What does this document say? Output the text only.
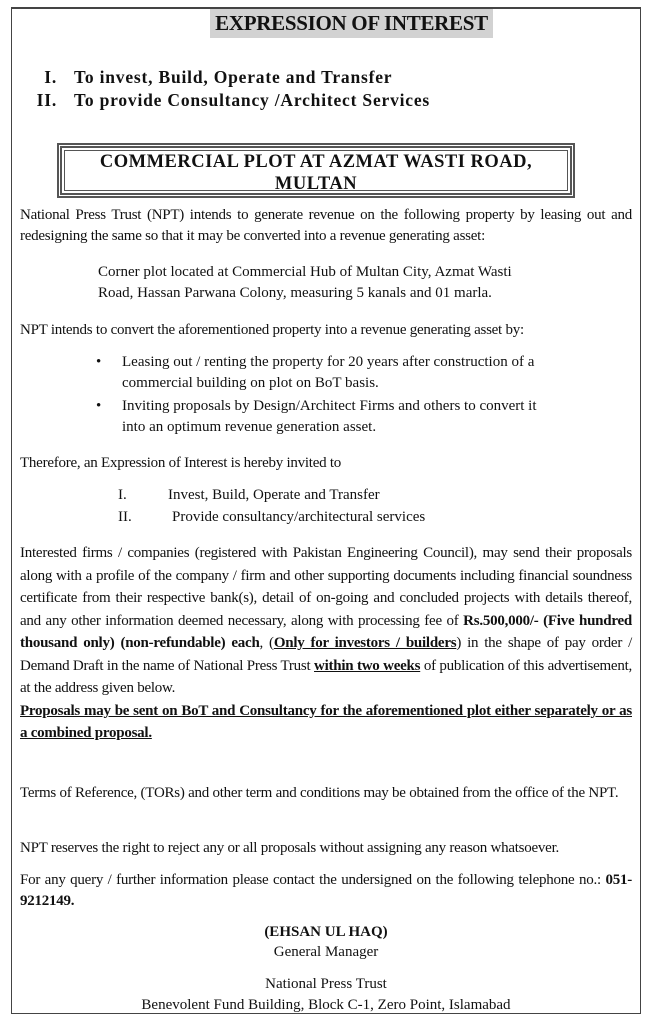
EXPRESSION OF INTEREST
I. To invest, Build, Operate and Transfer
II. To provide Consultancy /Architect Services
COMMERCIAL PLOT AT AZMAT WASTI ROAD,
MULTAN
National Press Trust (NPT) intends to generate revenue on the following property by leasing out and redesigning the same so that it may be converted into a revenue generating asset:
Corner plot located at Commercial Hub of Multan City, Azmat Wasti Road, Hassan Parwana Colony, measuring 5 kanals and 01 marla.
NPT intends to convert the aforementioned property into a revenue generating asset by:
•	Leasing out / renting the property for 20 years after construction of a commercial building on plot on BoT basis.
•	Inviting proposals by Design/Architect Firms and others to convert it into an optimum revenue generation asset.
Therefore, an Expression of Interest is hereby invited to
I.	Invest, Build, Operate and Transfer
II.	Provide consultancy/architectural services
Interested firms / companies (registered with Pakistan Engineering Council), may send their proposals along with a profile of the company / firm and other supporting documents including financial soundness certificate from their respective bank(s), detail of on-going and concluded projects with details thereof, and any other information deemed necessary, along with processing fee of Rs.500,000/- (Five hundred thousand only) (non-refundable) each, (Only for investors / builders) in the shape of pay order / Demand Draft in the name of National Press Trust within two weeks of publication of this advertisement, at the address given below.
Proposals may be sent on BoT and Consultancy for the aforementioned plot either separately or as a combined proposal.
Terms of Reference, (TORs) and other term and conditions may be obtained from the office of the NPT.
NPT reserves the right to reject any or all proposals without assigning any reason whatsoever.
For any query / further information please contact the undersigned on the following telephone no.: 051-9212149.
(EHSAN UL HAQ)
General Manager
National Press Trust
Benevolent Fund Building, Block C-1, Zero Point, Islamabad
